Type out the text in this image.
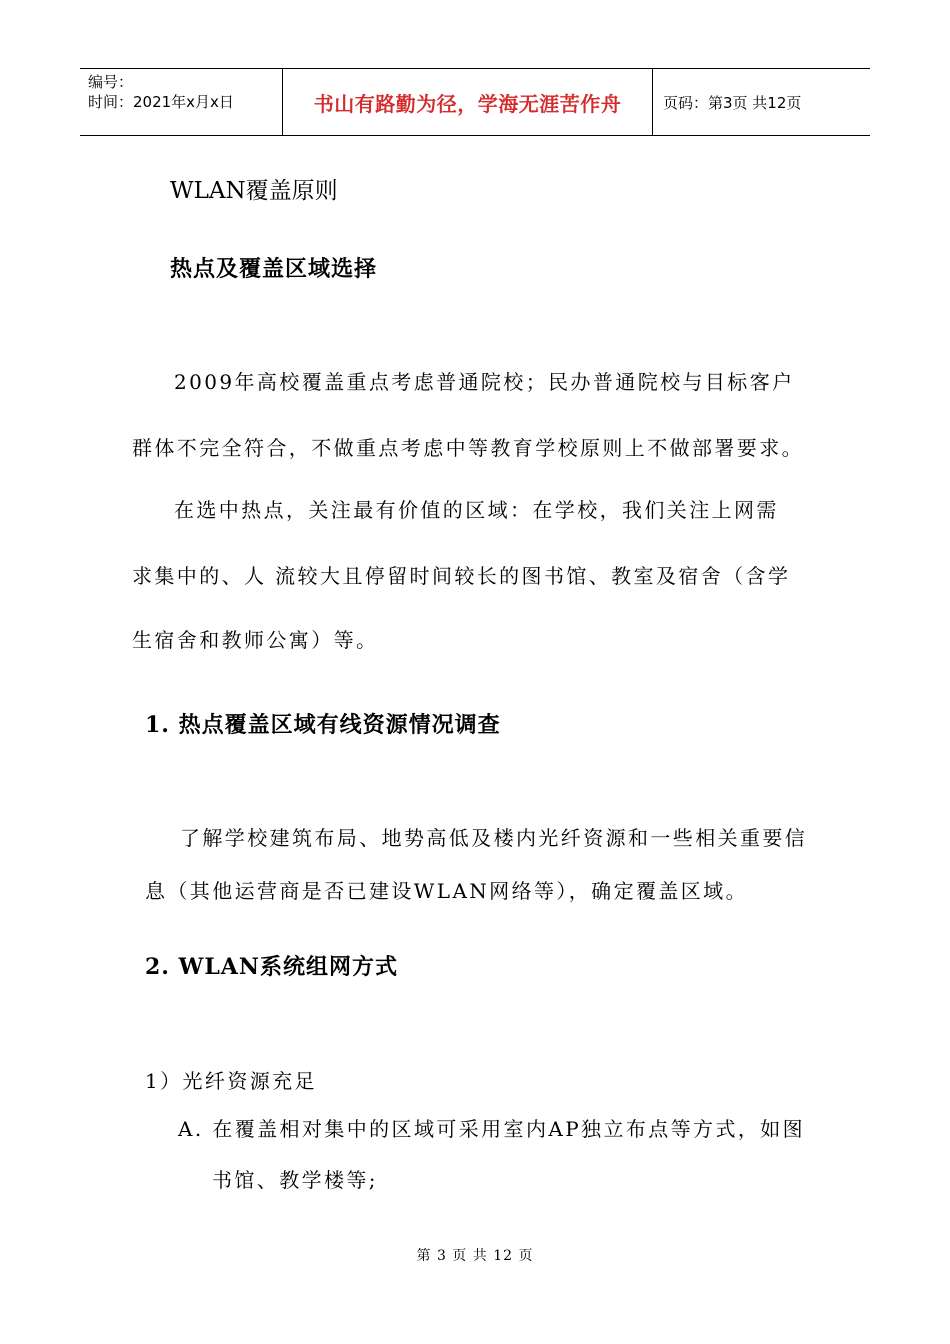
编号：
时间：2021年x月x日	书山有路勤为径，学海无涯苦作舟	页码：第3页 共12页
WLAN覆盖原则
热点及覆盖区域选择
2009年高校覆盖重点考虑普通院校；民办普通院校与目标客户
群体不完全符合，不做重点考虑中等教育学校原则上不做部署要求。
在选中热点，关注最有价值的区域：在学校，我们关注上网需
求集中的、人 流较大且停留时间较长的图书馆、教室及宿舍（含学
生宿舍和教师公寓）等。
1. 热点覆盖区域有线资源情况调查
了解学校建筑布局、地势高低及楼内光纤资源和一些相关重要信
息（其他运营商是否已建设WLAN网络等），确定覆盖区域。
2. WLAN系统组网方式
1）光纤资源充足
A. 在覆盖相对集中的区域可采用室内AP独立布点等方式，如图
书馆、教学楼等;
第 3 页 共 12 页
